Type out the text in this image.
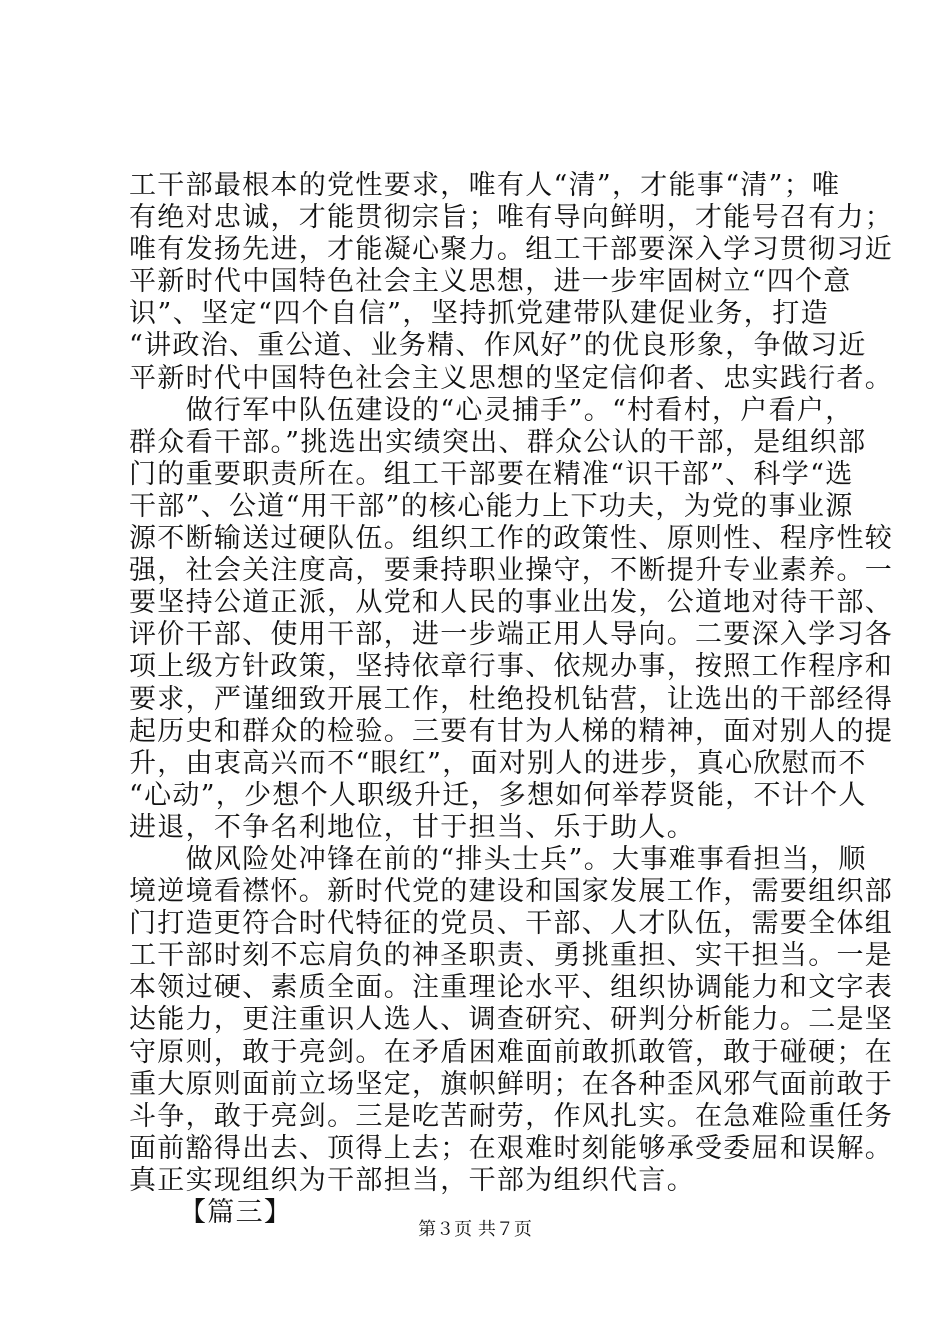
工干部最根本的党性要求，唯有人“清”，才能事“清”；唯
有绝对忠诚，才能贯彻宗旨；唯有导向鲜明，才能号召有力；
唯有发扬先进，才能凝心聚力。组工干部要深入学习贯彻习近
平新时代中国特色社会主义思想，进一步牢固树立“四个意
识”、坚定“四个自信”，坚持抓党建带队建促业务，打造
“讲政治、重公道、业务精、作风好”的优良形象，争做习近
平新时代中国特色社会主义思想的坚定信仰者、忠实践行者。
　　做行军中队伍建设的“心灵捕手”。“村看村，户看户，
群众看干部。”挑选出实绩突出、群众公认的干部，是组织部
门的重要职责所在。组工干部要在精准“识干部”、科学“选
干部”、公道“用干部”的核心能力上下功夫，为党的事业源
源不断输送过硬队伍。组织工作的政策性、原则性、程序性较
强，社会关注度高，要秉持职业操守，不断提升专业素养。一
要坚持公道正派，从党和人民的事业出发，公道地对待干部、
评价干部、使用干部，进一步端正用人导向。二要深入学习各
项上级方针政策，坚持依章行事、依规办事，按照工作程序和
要求，严谨细致开展工作，杜绝投机钻营，让选出的干部经得
起历史和群众的检验。三要有甘为人梯的精神，面对别人的提
升，由衷高兴而不“眼红”，面对别人的进步，真心欣慰而不
“心动”，少想个人职级升迁，多想如何举荐贤能，不计个人
进退，不争名利地位，甘于担当、乐于助人。
　　做风险处冲锋在前的“排头士兵”。大事难事看担当，顺
境逆境看襟怀。新时代党的建设和国家发展工作，需要组织部
门打造更符合时代特征的党员、干部、人才队伍，需要全体组
工干部时刻不忘肩负的神圣职责、勇挑重担、实干担当。一是
本领过硬、素质全面。注重理论水平、组织协调能力和文字表
达能力，更注重识人选人、调查研究、研判分析能力。二是坚
守原则，敢于亮剑。在矛盾困难面前敢抓敢管，敢于碰硬；在
重大原则面前立场坚定，旗帜鲜明；在各种歪风邪气面前敢于
斗争，敢于亮剑。三是吃苦耐劳，作风扎实。在急难险重任务
面前豁得出去、顶得上去；在艰难时刻能够承受委屈和误解。
真正实现组织为干部担当，干部为组织代言。
【篇三】
第３页 共７页
